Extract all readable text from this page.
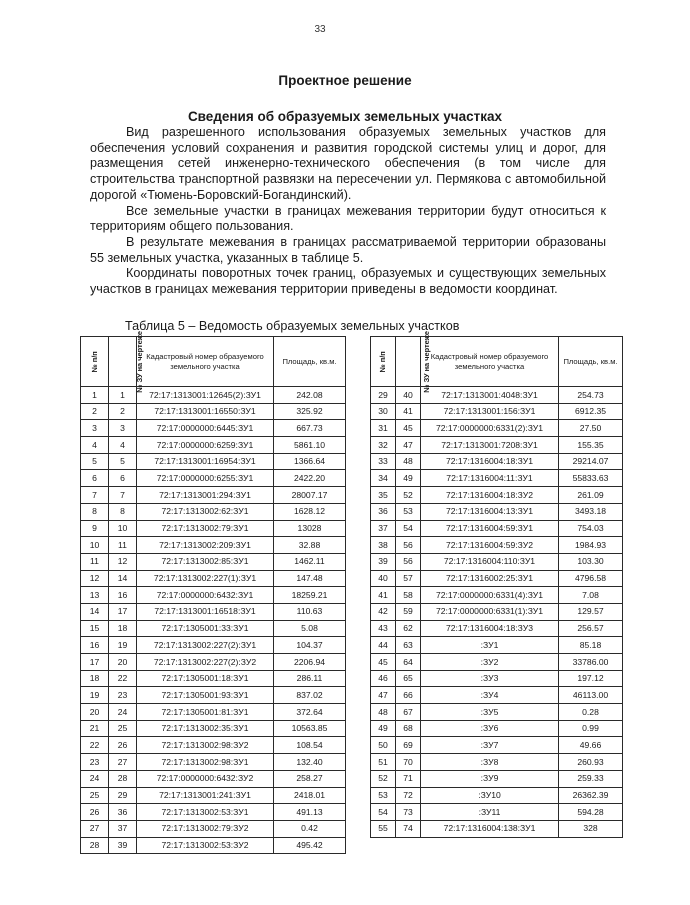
33
Проектное решение
Сведения об образуемых земельных участках

Вид разрешенного использования образуемых земельных участков для обеспечения условий сохранения и развития городской системы улиц и дорог, для размещения сетей инженерно-технического обеспечения (в том числе для строительства транспортной развязки на пересечении ул. Пермякова с автомобильной дорогой «Тюмень-Боровский-Богандинский).

Все земельные участки в границах межевания территории будут относиться к территориям общего пользования.

В результате межевания в границах рассматриваемой территории образованы 55 земельных участка, указанных в таблице 5.

Координаты поворотных точек границ, образуемых и существующих земельных участков в границах межевания территории приведены в ведомости координат.

Таблица 5 – Ведомость образуемых земельных участков
№ п/п	№ ЗУ на чертеже	Кадастровый номер образуемого земельного участка	Площадь, кв.м.
1	1	72:17:1313001:12645(2):ЗУ1	242.08
2	2	72:17:1313001:16550:ЗУ1	325.92
3	3	72:17:0000000:6445:ЗУ1	667.73
4	4	72:17:0000000:6259:ЗУ1	5861.10
5	5	72:17:1313001:16954:ЗУ1	1366.64
6	6	72:17:0000000:6255:ЗУ1	2422.20
7	7	72:17:1313001:294:ЗУ1	28007.17
8	8	72:17:1313002:62:ЗУ1	1628.12
9	10	72:17:1313002:79:ЗУ1	13028
10	11	72:17:1313002:209:ЗУ1	32.88
11	12	72:17:1313002:85:ЗУ1	1462.11
12	14	72:17:1313002:227(1):ЗУ1	147.48
13	16	72:17:0000000:6432:ЗУ1	18259.21
14	17	72:17:1313001:16518:ЗУ1	110.63
15	18	72:17:1305001:33:ЗУ1	5.08
16	19	72:17:1313002:227(2):ЗУ1	104.37
17	20	72:17:1313002:227(2):ЗУ2	2206.94
18	22	72:17:1305001:18:ЗУ1	286.11
19	23	72:17:1305001:93:ЗУ1	837.02
20	24	72:17:1305001:81:ЗУ1	372.64
21	25	72:17:1313002:35:ЗУ1	10563.85
22	26	72:17:1313002:98:ЗУ2	108.54
23	27	72:17:1313002:98:ЗУ1	132.40
24	28	72:17:0000000:6432:ЗУ2	258.27
25	29	72:17:1313001:241:ЗУ1	2418.01
26	36	72:17:1313002:53:ЗУ1	491.13
27	37	72:17:1313002:79:ЗУ2	0.42
28	39	72:17:1313002:53:ЗУ2	495.42
№ п/п	№ ЗУ на чертеже	Кадастровый номер образуемого земельного участка	Площадь, кв.м.
29	40	72:17:1313001:4048:ЗУ1	254.73
30	41	72:17:1313001:156:ЗУ1	6912.35
31	45	72:17:0000000:6331(2):ЗУ1	27.50
32	47	72:17:1313001:7208:ЗУ1	155.35
33	48	72:17:1316004:18:ЗУ1	29214.07
34	49	72:17:1316004:11:ЗУ1	55833.63
35	52	72:17:1316004:18:ЗУ2	261.09
36	53	72:17:1316004:13:ЗУ1	3493.18
37	54	72:17:1316004:59:ЗУ1	754.03
38	56	72:17:1316004:59:ЗУ2	1984.93
39	56	72:17:1316004:110:ЗУ1	103.30
40	57	72:17:1316002:25:ЗУ1	4796.58
41	58	72:17:0000000:6331(4):ЗУ1	7.08
42	59	72:17:0000000:6331(1):ЗУ1	129.57
43	62	72:17:1316004:18:ЗУ3	256.57
44	63	:ЗУ1	85.18
45	64	:ЗУ2	33786.00
46	65	:ЗУ3	197.12
47	66	:ЗУ4	46113.00
48	67	:ЗУ5	0.28
49	68	:ЗУ6	0.99
50	69	:ЗУ7	49.66
51	70	:ЗУ8	260.93
52	71	:ЗУ9	259.33
53	72	:ЗУ10	26362.39
54	73	:ЗУ11	594.28
55	74	72:17:1316004:138:ЗУ1	328
